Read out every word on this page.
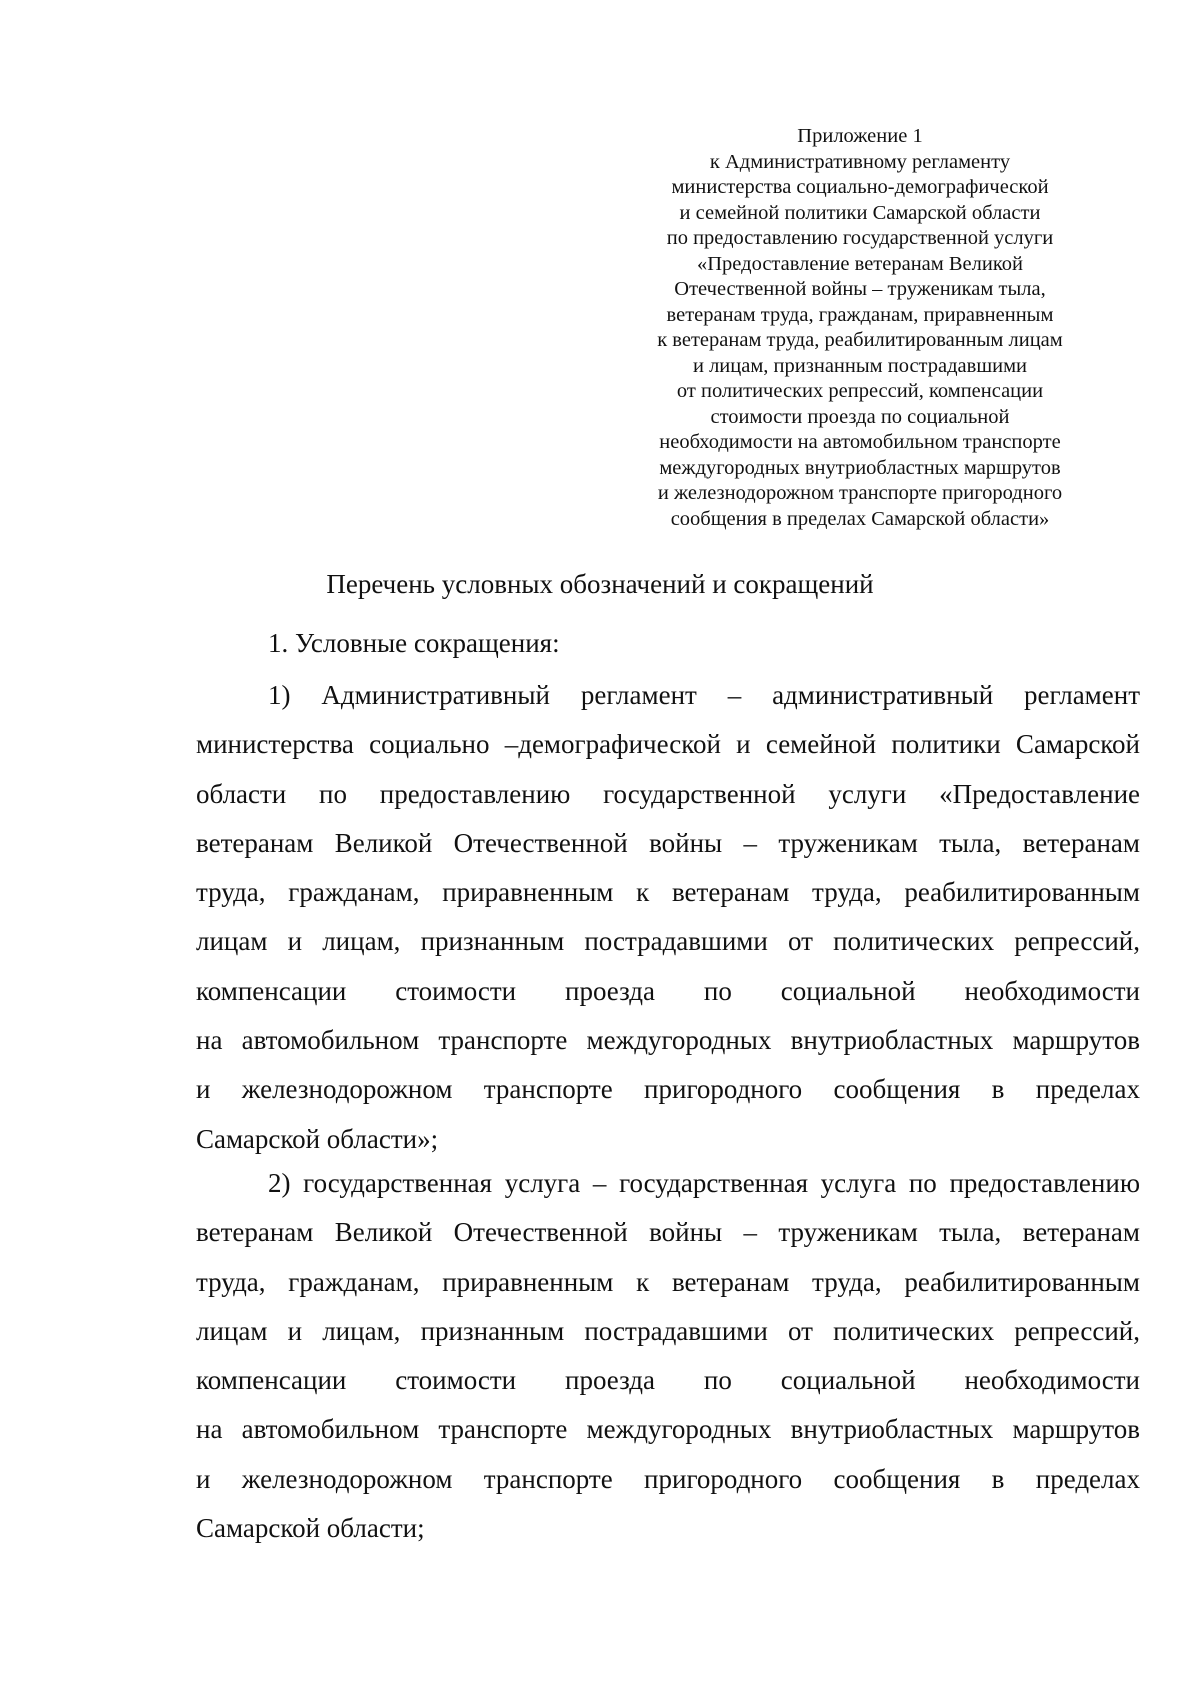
Приложение 1
к Административному регламенту
министерства социально-демографической
и семейной политики Самарской области
по предоставлению государственной услуги
«Предоставление ветеранам Великой
Отечественной войны – труженикам тыла,
ветеранам труда, гражданам, приравненным
к ветеранам труда, реабилитированным лицам
и лицам, признанным пострадавшими
от политических репрессий, компенсации
стоимости проезда по социальной
необходимости на автомобильном транспорте
междугородных внутриобластных маршрутов
и железнодорожном транспорте пригородного
сообщения в пределах Самарской области»
Перечень условных обозначений и сокращений
1. Условные сокращения:
1) Административный регламент – административный регламент
министерства социально –демографической и семейной политики Самарской
области по предоставлению государственной услуги «Предоставление
ветеранам Великой Отечественной войны – труженикам тыла, ветеранам
труда, гражданам, приравненным к ветеранам труда, реабилитированным
лицам и лицам, признанным пострадавшими от политических репрессий,
компенсации стоимости проезда по социальной необходимости
на автомобильном транспорте междугородных внутриобластных маршрутов
и железнодорожном транспорте пригородного сообщения в пределах
Самарской области»;
2) государственная услуга – государственная услуга по предоставлению
ветеранам Великой Отечественной войны – труженикам тыла, ветеранам
труда, гражданам, приравненным к ветеранам труда, реабилитированным
лицам и лицам, признанным пострадавшими от политических репрессий,
компенсации стоимости проезда по социальной необходимости
на автомобильном транспорте междугородных внутриобластных маршрутов
и железнодорожном транспорте пригородного сообщения в пределах
Самарской области;
